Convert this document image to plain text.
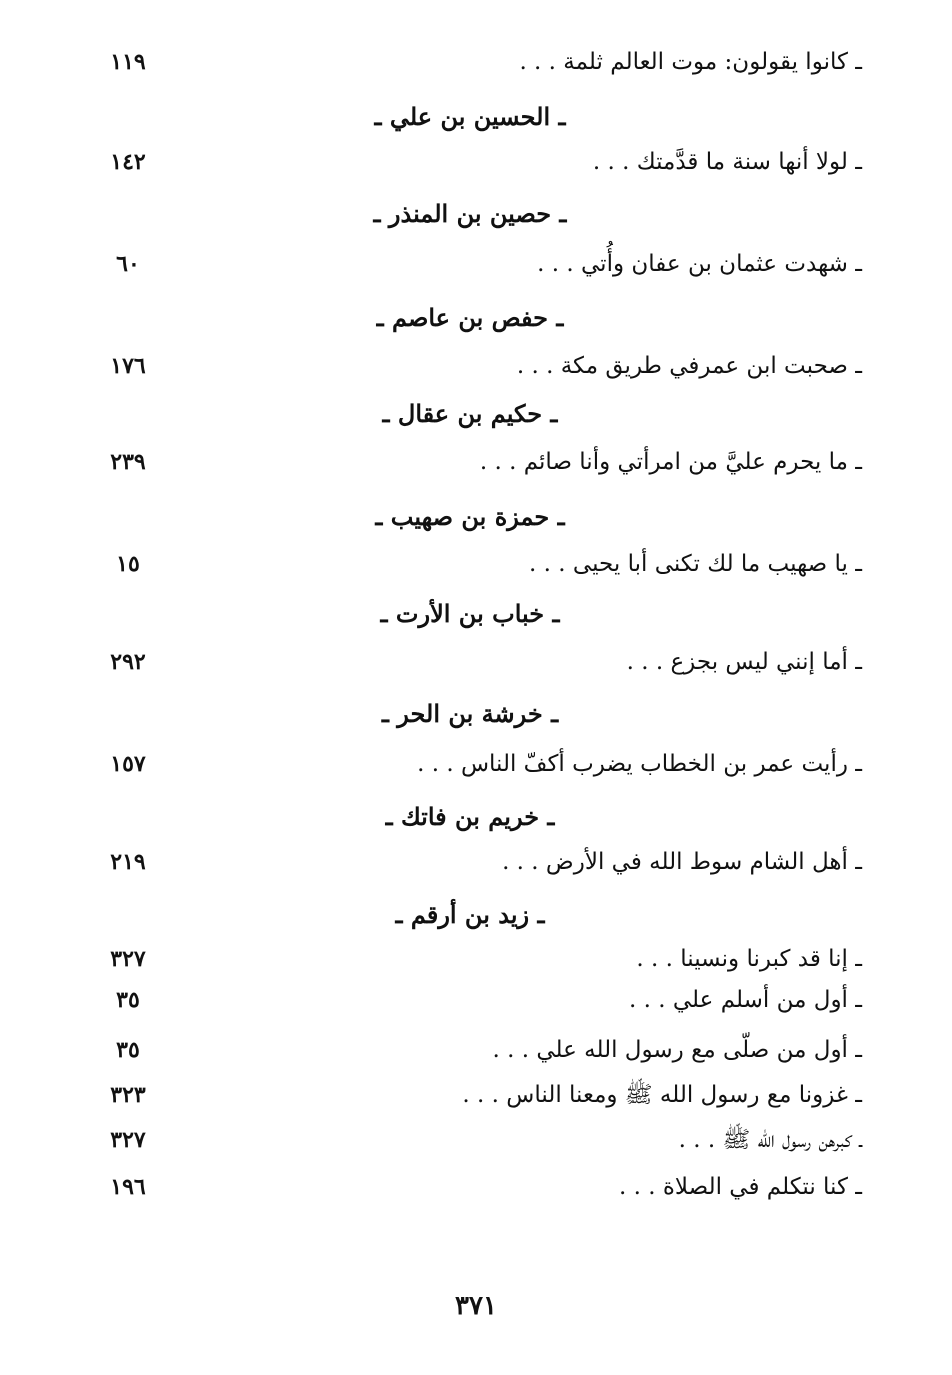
ـ كانوا يقولون: موت العالم ثلمة . . .
١١٩
ـ الحسين بن علي ـ
ـ لولا أنها سنة ما قدَّمتك . . .
١٤٢
ـ حصين بن المنذر ـ
ـ شهدت عثمان بن عفان وأُتي . . .
٦٠
ـ حفص بن عاصم ـ
ـ صحبت ابن عمرفي طريق مكة . . .
١٧٦
ـ حكيم بن عقال ـ
ـ ما يحرم عليَّ من امرأتي وأنا صائم . . .
٢٣٩
ـ حمزة بن صهيب ـ
ـ يا صهيب ما لك تكنى أبا يحيى . . .
١٥
ـ خباب بن الأرت ـ
ـ أما إنني ليس بجزع . . .
٢٩٢
ـ خرشة بن الحر ـ
ـ رأيت عمر بن الخطاب يضرب أكفّ الناس . . .
١٥٧
ـ خريم بن فاتك ـ
ـ أهل الشام سوط الله في الأرض . . .
٢١٩
ـ زيد بن أرقم ـ
ـ إنا قد كبرنا ونسينا . . .
٣٢٧
ـ أول من أسلم علي . . .
٣٥
ـ أول من صلّى مع رسول الله علي . . .
٣٥
ـ غزونا مع رسول الله ﷺ ومعنا الناس . . .
٣٢٣
ـ كبرهن رسول الله ﷺ . . .
٣٢٧
ـ كنا نتكلم في الصلاة . . .
١٩٦
٣٧١
